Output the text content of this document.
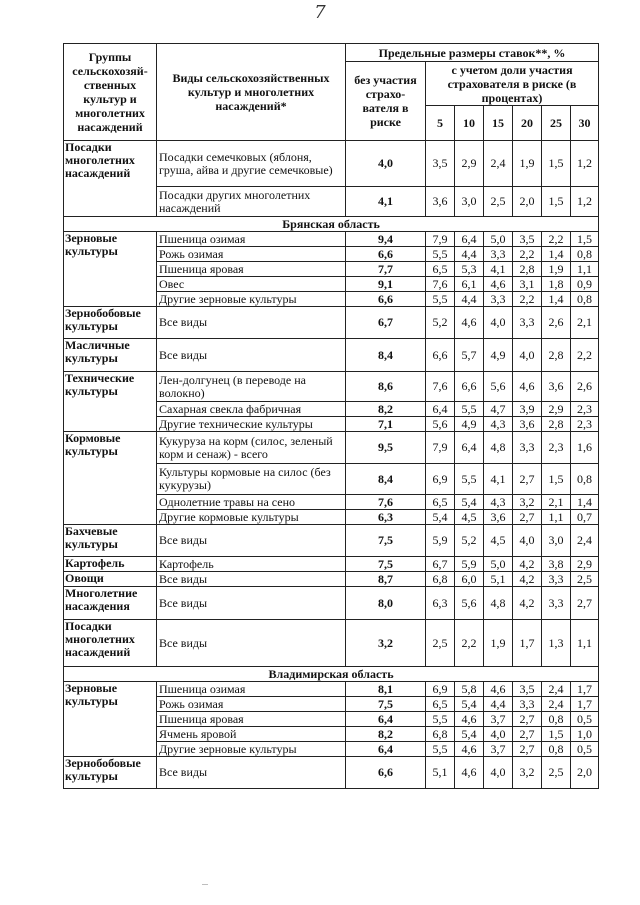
7
Группы сельскохозяй-ственных культур и многолетних насаждений	Виды сельскохозяйственных культур и многолетних насаждений*	Предельные размеры ставок**, %						
		без участия страхо-вателя в риске	с учетом доли участия страхователя в риске (в процентах)					
			5	10	15	20	25	30
Посадки многолетних насаждений	Посадки семечковых (яблоня, груша, айва и другие семечковые)	4,0	3,5	2,9	2,4	1,9	1,5	1,2
	Посадки других многолетних насаждений	4,1	3,6	3,0	2,5	2,0	1,5	1,2
Брянская область								
Зерновые культуры	Пшеница озимая	9,4	7,9	6,4	5,0	3,5	2,2	1,5
	Рожь озимая	6,6	5,5	4,4	3,3	2,2	1,4	0,8
	Пшеница яровая	7,7	6,5	5,3	4,1	2,8	1,9	1,1
	Овес	9,1	7,6	6,1	4,6	3,1	1,8	0,9
	Другие зерновые культуры	6,6	5,5	4,4	3,3	2,2	1,4	0,8
Зернобобовые культуры	Все виды	6,7	5,2	4,6	4,0	3,3	2,6	2,1
Масличные культуры	Все виды	8,4	6,6	5,7	4,9	4,0	2,8	2,2
Технические культуры	Лен-долгунец (в переводе на волокно)	8,6	7,6	6,6	5,6	4,6	3,6	2,6
	Сахарная свекла фабричная	8,2	6,4	5,5	4,7	3,9	2,9	2,3
	Другие технические культуры	7,1	5,6	4,9	4,3	3,6	2,8	2,3
Кормовые культуры	Кукуруза на корм (силос, зеленый корм и сенаж) - всего	9,5	7,9	6,4	4,8	3,3	2,3	1,6
	Культуры кормовые на силос (без кукурузы)	8,4	6,9	5,5	4,1	2,7	1,5	0,8
	Однолетние травы на сено	7,6	6,5	5,4	4,3	3,2	2,1	1,4
	Другие кормовые культуры	6,3	5,4	4,5	3,6	2,7	1,1	0,7
Бахчевые культуры	Все виды	7,5	5,9	5,2	4,5	4,0	3,0	2,4
Картофель	Картофель	7,5	6,7	5,9	5,0	4,2	3,8	2,9
Овощи	Все виды	8,7	6,8	6,0	5,1	4,2	3,3	2,5
Многолетние насаждения	Все виды	8,0	6,3	5,6	4,8	4,2	3,3	2,7
Посадки многолетних насаждений	Все виды	3,2	2,5	2,2	1,9	1,7	1,3	1,1
Владимирская область								
Зерновые культуры	Пшеница озимая	8,1	6,9	5,8	4,6	3,5	2,4	1,7
	Рожь озимая	7,5	6,5	5,4	4,4	3,3	2,4	1,7
	Пшеница яровая	6,4	5,5	4,6	3,7	2,7	0,8	0,5
	Ячмень яровой	8,2	6,8	5,4	4,0	2,7	1,5	1,0
	Другие зерновые культуры	6,4	5,5	4,6	3,7	2,7	0,8	0,5
Зернобобовые культуры	Все виды	6,6	5,1	4,6	4,0	3,2	2,5	2,0
...
